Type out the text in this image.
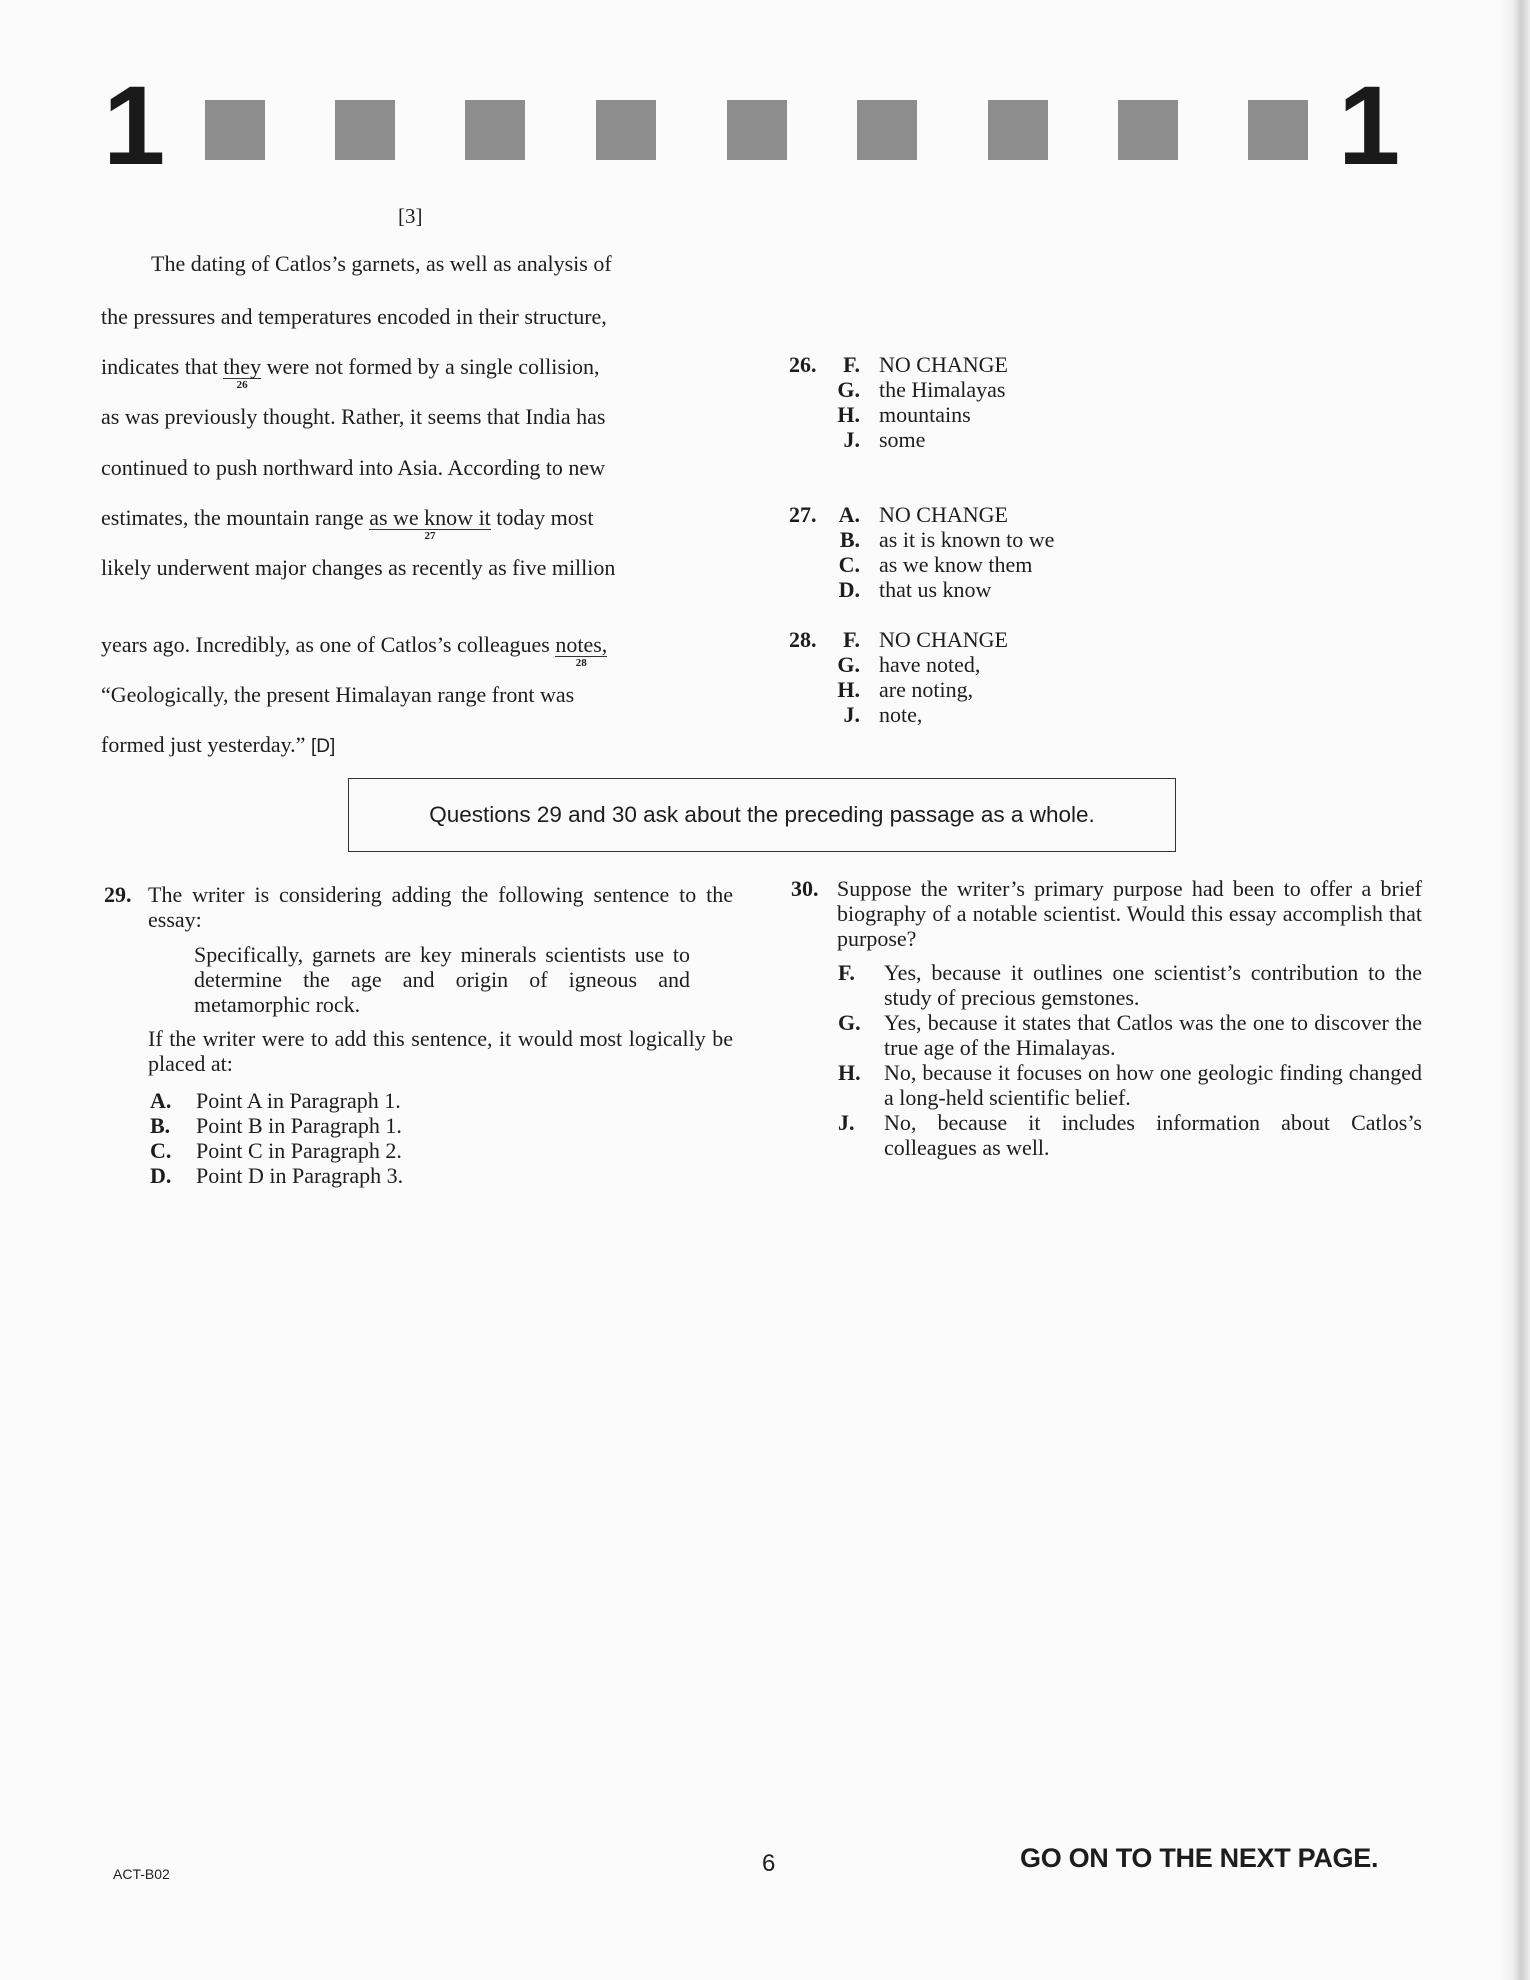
1	1
[3]
The dating of Catlos’s garnets, as well as analysis of
the pressures and temperatures encoded in their structure,
indicates that they
26
were not formed by a single collision,
as was previously thought. Rather, it seems that India has
continued to push northward into Asia. According to new
estimates, the mountain range as we know it
27
today most
likely underwent major changes as recently as five million
years ago. Incredibly, as one of Catlos’s colleagues notes,
28
“Geologically, the present Himalayan range front was
formed just yesterday.” [D]
26.	F. NO CHANGE
G. the Himalayas
H. mountains
J. some
27.	A. NO CHANGE
B. as it is known to we
C. as we know them
D. that us know
28.	F. NO CHANGE
G. have noted,
H. are noting,
J. note,
Questions 29 and 30 ask about the preceding passage as a whole.
29. The writer is considering adding the following sentence to the essay:
Specifically, garnets are key minerals scientists use to determine the age and origin of igneous and metamorphic rock.
If the writer were to add this sentence, it would most logically be placed at:
A. Point A in Paragraph 1.
B. Point B in Paragraph 1.
C. Point C in Paragraph 2.
D. Point D in Paragraph 3.
30. Suppose the writer’s primary purpose had been to offer a brief biography of a notable scientist. Would this essay accomplish that purpose?
F. Yes, because it outlines one scientist’s contribution to the study of precious gemstones.
G. Yes, because it states that Catlos was the one to discover the true age of the Himalayas.
H. No, because it focuses on how one geologic finding changed a long-held scientific belief.
J. No, because it includes information about Catlos’s colleagues as well.
ACT-B02	6	GO ON TO THE NEXT PAGE.
